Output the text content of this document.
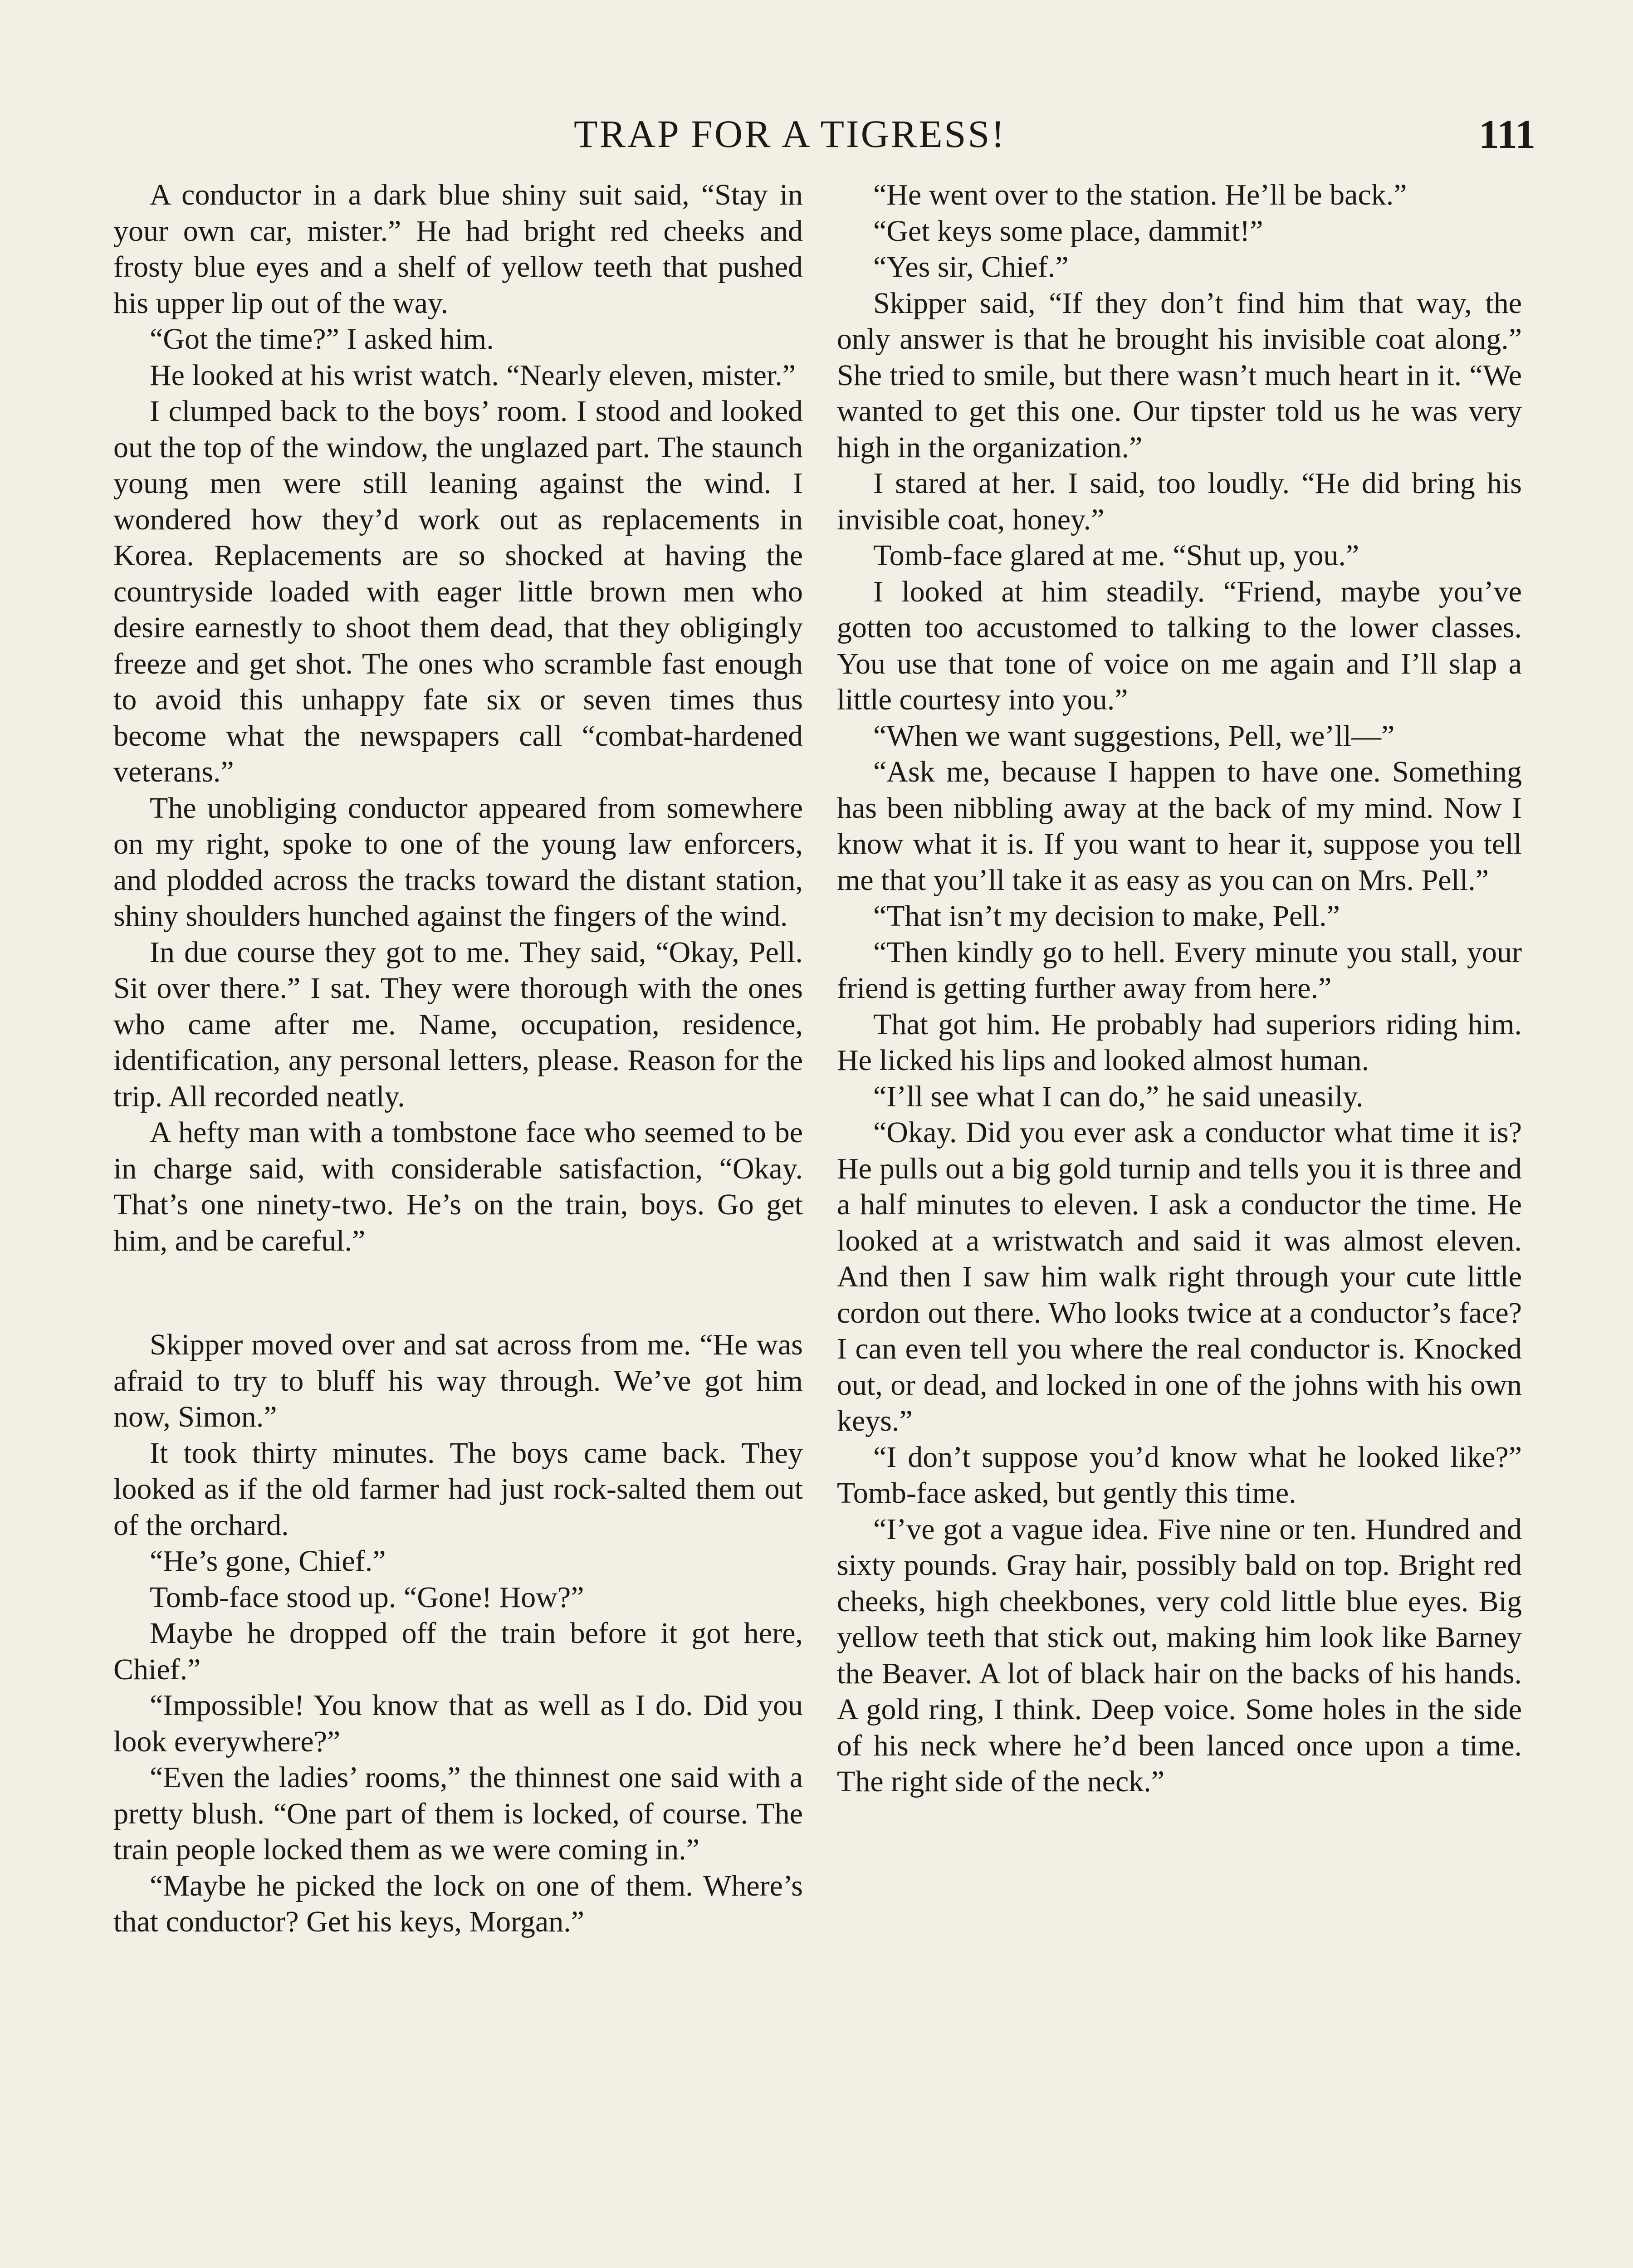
TRAP FOR A TIGRESS!	111

A conductor in a dark blue shiny suit said, “Stay in your own car, mister.” He had bright red cheeks and frosty blue eyes and a shelf of yellow teeth that pushed his upper lip out of the way.

“Got the time?” I asked him.

He looked at his wrist watch. “Nearly eleven, mister.”

I clumped back to the boys’ room. I stood and looked out the top of the window, the unglazed part. The staunch young men were still leaning against the wind. I wondered how they’d work out as replacements in Korea. Replacements are so shocked at having the countryside loaded with eager little brown men who desire earnestly to shoot them dead, that they obligingly freeze and get shot. The ones who scramble fast enough to avoid this unhappy fate six or seven times thus become what the newspapers call “combat-hardened veterans.”

The unobliging conductor appeared from somewhere on my right, spoke to one of the young law enforcers, and plodded across the tracks toward the distant station, shiny shoulders hunched against the fingers of the wind.

In due course they got to me. They said, “Okay, Pell. Sit over there.” I sat. They were thorough with the ones who came after me. Name, occupation, residence, identification, any personal letters, please. Reason for the trip. All recorded neatly.

A hefty man with a tombstone face who seemed to be in charge said, with considerable satisfaction, “Okay. That’s one ninety-two. He’s on the train, boys. Go get him, and be careful.”

Skipper moved over and sat across from me. “He was afraid to try to bluff his way through. We’ve got him now, Simon.”

It took thirty minutes. The boys came back. They looked as if the old farmer had just rock-salted them out of the orchard.

“He’s gone, Chief.”

Tomb-face stood up. “Gone! How?”

Maybe he dropped off the train before it got here, Chief.”

“Impossible! You know that as well as I do. Did you look everywhere?”

“Even the ladies’ rooms,” the thinnest one said with a pretty blush. “One part of them is locked, of course. The train people locked them as we were coming in.”

“Maybe he picked the lock on one of them. Where’s that conductor? Get his keys, Morgan.”

“He went over to the station. He’ll be back.”

“Get keys some place, dammit!”

“Yes sir, Chief.”

Skipper said, “If they don’t find him that way, the only answer is that he brought his invisible coat along.” She tried to smile, but there wasn’t much heart in it. “We wanted to get this one. Our tipster told us he was very high in the organization.”

I stared at her. I said, too loudly. “He did bring his invisible coat, honey.”

Tomb-face glared at me. “Shut up, you.”

I looked at him steadily. “Friend, maybe you’ve gotten too accustomed to talking to the lower classes. You use that tone of voice on me again and I’ll slap a little courtesy into you.”

“When we want suggestions, Pell, we’ll—”

“Ask me, because I happen to have one. Something has been nibbling away at the back of my mind. Now I know what it is. If you want to hear it, suppose you tell me that you’ll take it as easy as you can on Mrs. Pell.”

“That isn’t my decision to make, Pell.”

“Then kindly go to hell. Every minute you stall, your friend is getting further away from here.”

That got him. He probably had superiors riding him. He licked his lips and looked almost human.

“I’ll see what I can do,” he said uneasily.

“Okay. Did you ever ask a conductor what time it is? He pulls out a big gold turnip and tells you it is three and a half minutes to eleven. I ask a conductor the time. He looked at a wristwatch and said it was almost eleven. And then I saw him walk right through your cute little cordon out there. Who looks twice at a conductor’s face? I can even tell you where the real conductor is. Knocked out, or dead, and locked in one of the johns with his own keys.”

“I don’t suppose you’d know what he looked like?” Tomb-face asked, but gently this time.

“I’ve got a vague idea. Five nine or ten. Hundred and sixty pounds. Gray hair, possibly bald on top. Bright red cheeks, high cheekbones, very cold little blue eyes. Big yellow teeth that stick out, making him look like Barney the Beaver. A lot of black hair on the backs of his hands. A gold ring, I think. Deep voice. Some holes in the side of his neck where he’d been lanced once upon a time. The right side of the neck.”
